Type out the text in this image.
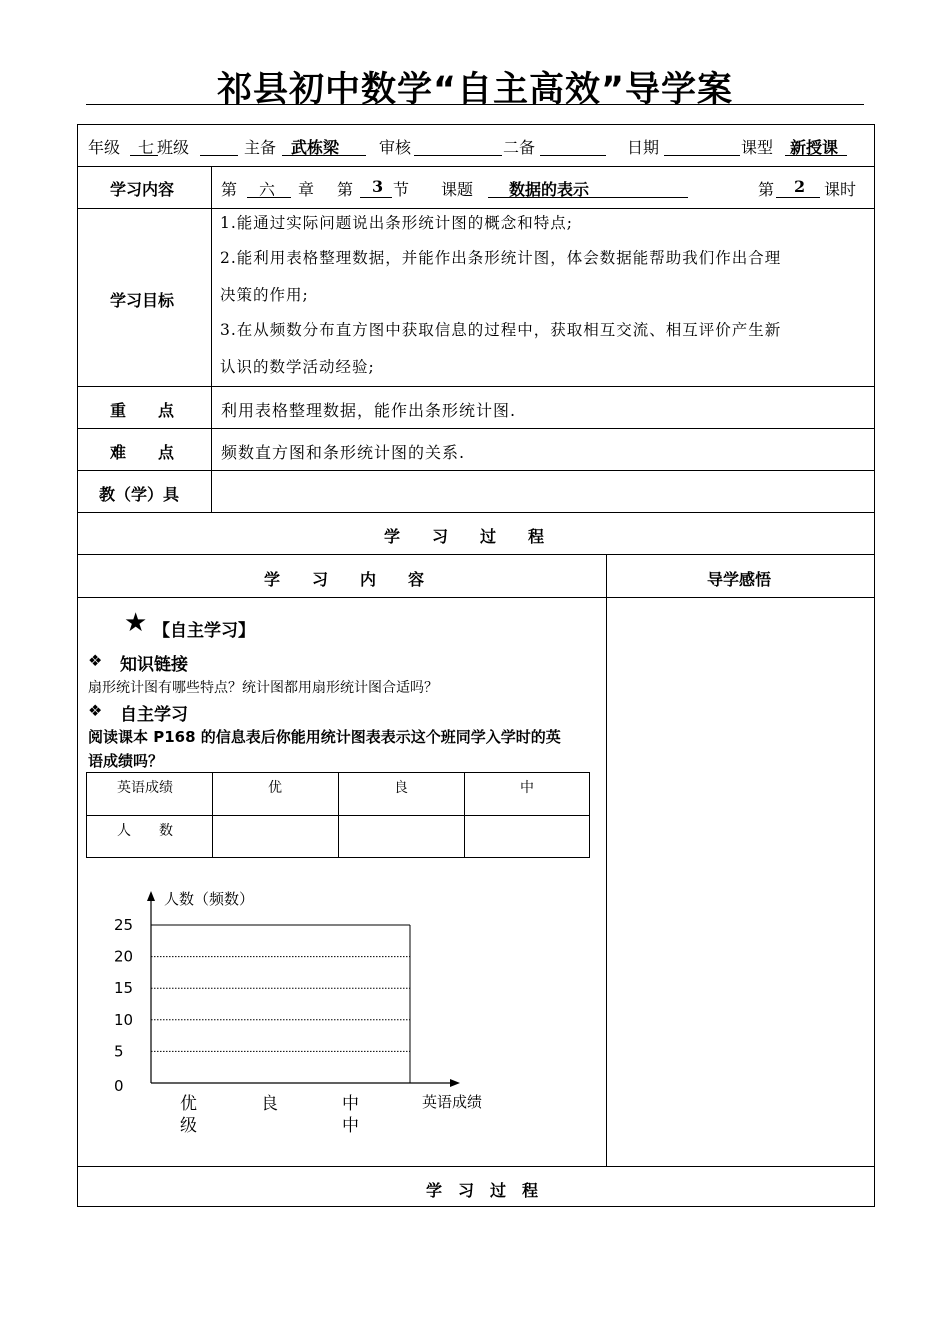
祁县初中数学“自主高效”导学案
年级 七 班级	主备 武栋梁 审核	二备	日期	课型 新授课
学习内容	第 六 章 第 3 节 课题 数据的表示	第 2 课时
学习目标
1.能通过实际问题说出条形统计图的概念和特点;
2.能利用表格整理数据，并能作出条形统计图，体会数据能帮助我们作出合理
决策的作用;
3.在从频数分布直方图中获取信息的过程中，获取相互交流、相互评价产生新
认识的数学活动经验;
重　　点	利用表格整理数据，能作出条形统计图.
难　　点	频数直方图和条形统计图的关系.
教（学）具
学　　习　　过　　程
学　　习　　内　　容	导学感悟
★ 【自主学习】
❖ 知识链接
扇形统计图有哪些特点？统计图都用扇形统计图合适吗？
❖ 自主学习
阅读课本 P168 的信息表后你能用统计图表表示这个班同学入学时的英
语成绩吗？
英语成绩	优	良	中
人　　数
0
5
10
15
20
25
人数（频数）
英语成绩
优
级
良	中
中
学　习　过　程
